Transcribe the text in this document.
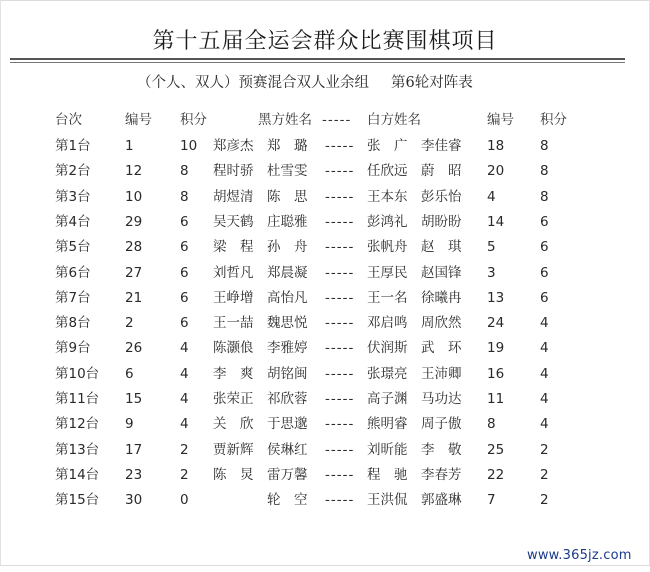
第十五届全运会群众比赛围棋项目
（个人、双人）预赛混合双人业余组 第6轮对阵表
台次	编号 积分	黑方姓名 ----- 白方姓名	编号 积分
第1台	1	10 郑彦杰　郑　璐 ----- 张　广　李佳睿 18	8
第2台	12	8 程时骄　杜雪雯 ----- 任欣远　蔚　昭 20	8
第3台	10	8 胡煜清　陈　思 ----- 王本东　彭乐怡 4	8
第4台	29	6 吴天鹤　庄聪雅 ----- 彭鸿礼　胡盼盼 14	6
第5台	28	6 梁　程　孙　舟 ----- 张帆舟　赵　琪 5	6
第6台	27	6 刘哲凡　郑晨凝 ----- 王厚民　赵国锋 3	6
第7台	21	6 王峥增　高怡凡 ----- 王一名　徐曦冉 13	6
第8台	2	6 王一喆　魏思悦 ----- 邓启鸣　周欣然 24	4
第9台	26	4 陈灏俍　李雅婷 ----- 伏润斯　武　环 19	4
第10台 6	4 李　爽　胡铭闽 ----- 张璟亮　王沛卿 16	4
第11台 15	4 张荣正　祁欣蓉 ----- 高子渊　马功达 11	4
第12台 9	4 关　欣　于思邈 ----- 熊明睿　周子傲 8	4
第13台 17	2 贾新辉　侯琳红 ----- 刘昕能　李　敬 25	2
第14台 23	2 陈　炅　雷万馨 ----- 程　驰　李春芳 22	2
第15台 30	0 　　　　轮　空 ----- 王洪侃　郭盛琳 7	2
www.365jz.com
